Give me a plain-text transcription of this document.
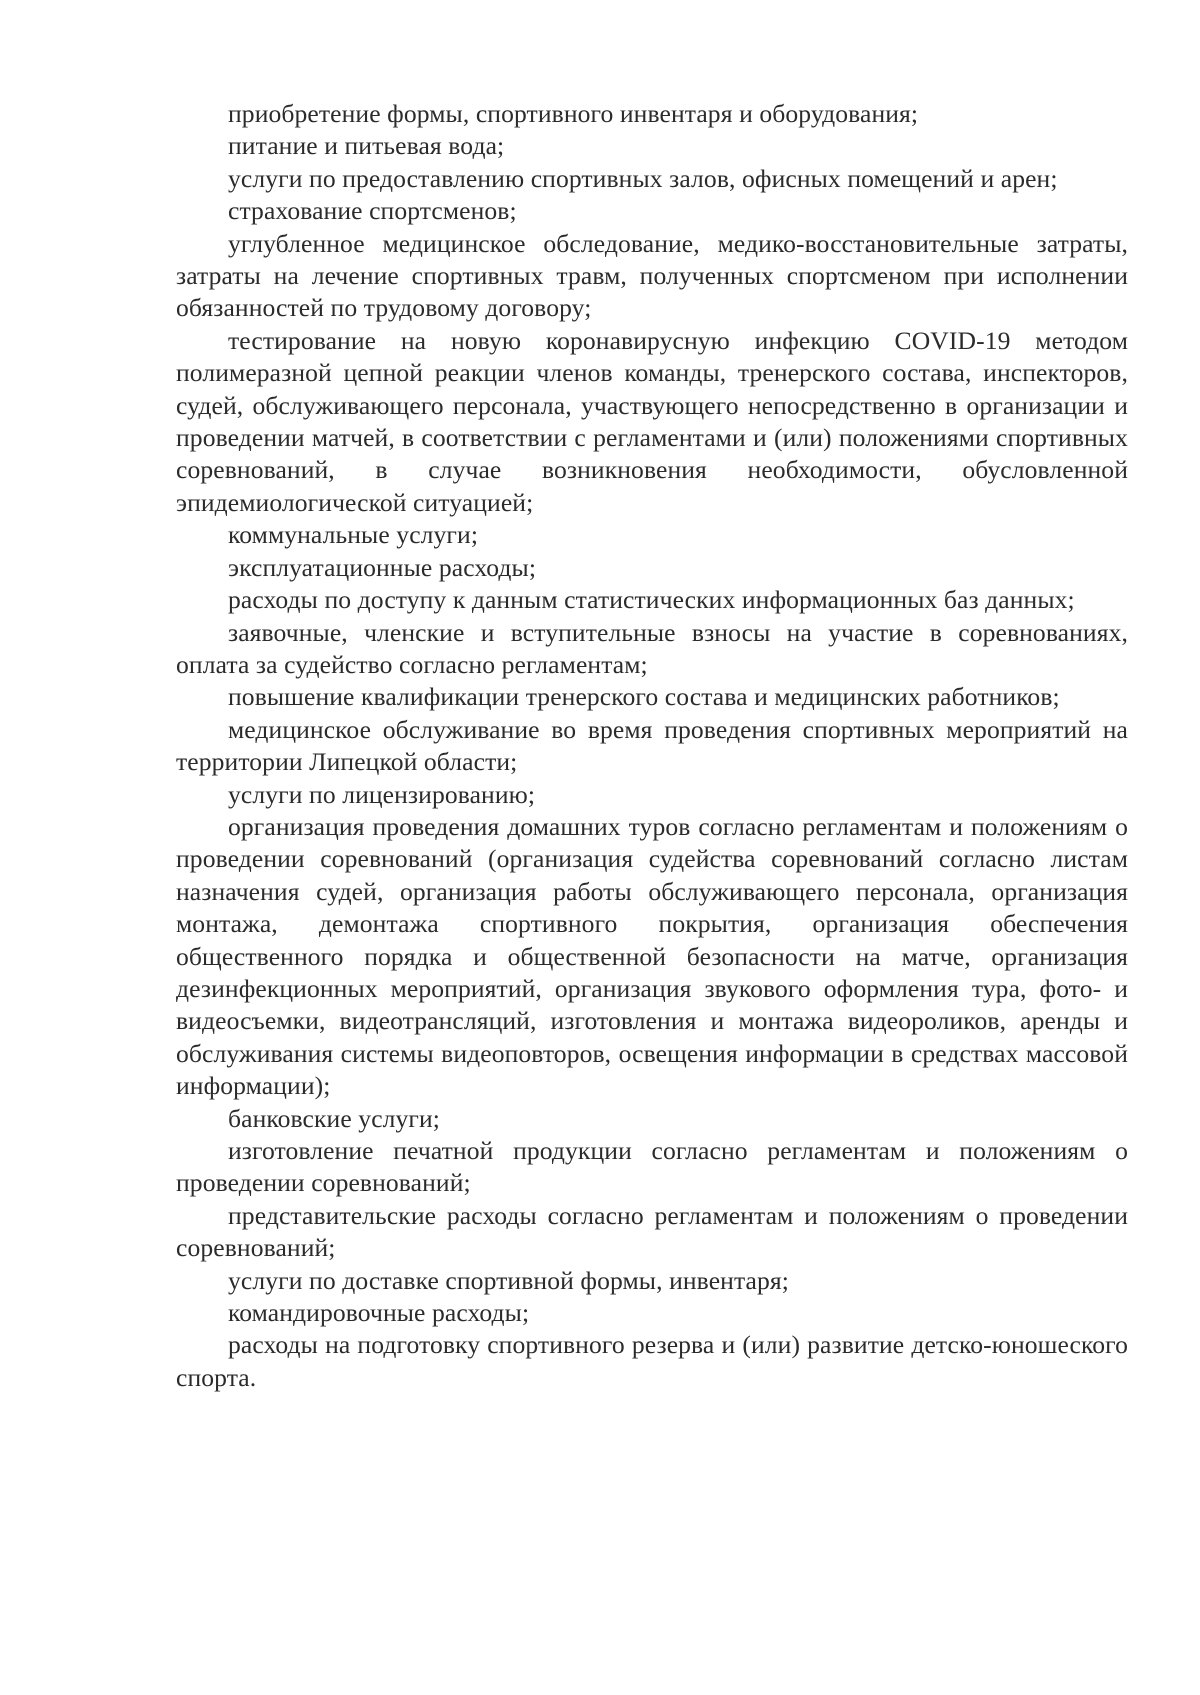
приобретение формы, спортивного инвентаря и оборудования;

питание и питьевая вода;

услуги по предоставлению спортивных залов, офисных помещений и арен;

страхование спортсменов;

углубленное медицинское обследование, медико-восстановительные затраты, затраты на лечение спортивных травм, полученных спортсменом при исполнении обязанностей по трудовому договору;

тестирование на новую коронавирусную инфекцию COVID-19 методом полимеразной цепной реакции членов команды, тренерского состава, инспекторов, судей, обслуживающего персонала, участвующего непосредственно в организации и проведении матчей, в соответствии с регламентами и (или) положениями спортивных соревнований, в случае возникновения необходимости, обусловленной эпидемиологической ситуацией;

коммунальные услуги;

эксплуатационные расходы;

расходы по доступу к данным статистических информационных баз данных;

заявочные, членские и вступительные взносы на участие в соревнованиях, оплата за судейство согласно регламентам;

повышение квалификации тренерского состава и медицинских работников;

медицинское обслуживание во время проведения спортивных мероприятий на территории Липецкой области;

услуги по лицензированию;

организация проведения домашних туров согласно регламентам и положениям о проведении соревнований (организация судейства соревнований согласно листам назначения судей, организация работы обслуживающего персонала, организация монтажа, демонтажа спортивного покрытия, организация обеспечения общественного порядка и общественной безопасности на матче, организация дезинфекционных мероприятий, организация звукового оформления тура, фото- и видеосъемки, видеотрансляций, изготовления и монтажа видеороликов, аренды и обслуживания системы видеоповторов, освещения информации в средствах массовой информации);

банковские услуги;

изготовление печатной продукции согласно регламентам и положениям о проведении соревнований;

представительские расходы согласно регламентам и положениям о проведении соревнований;

услуги по доставке спортивной формы, инвентаря;

командировочные расходы;

расходы на подготовку спортивного резерва и (или) развитие детско-юношеского спорта.
